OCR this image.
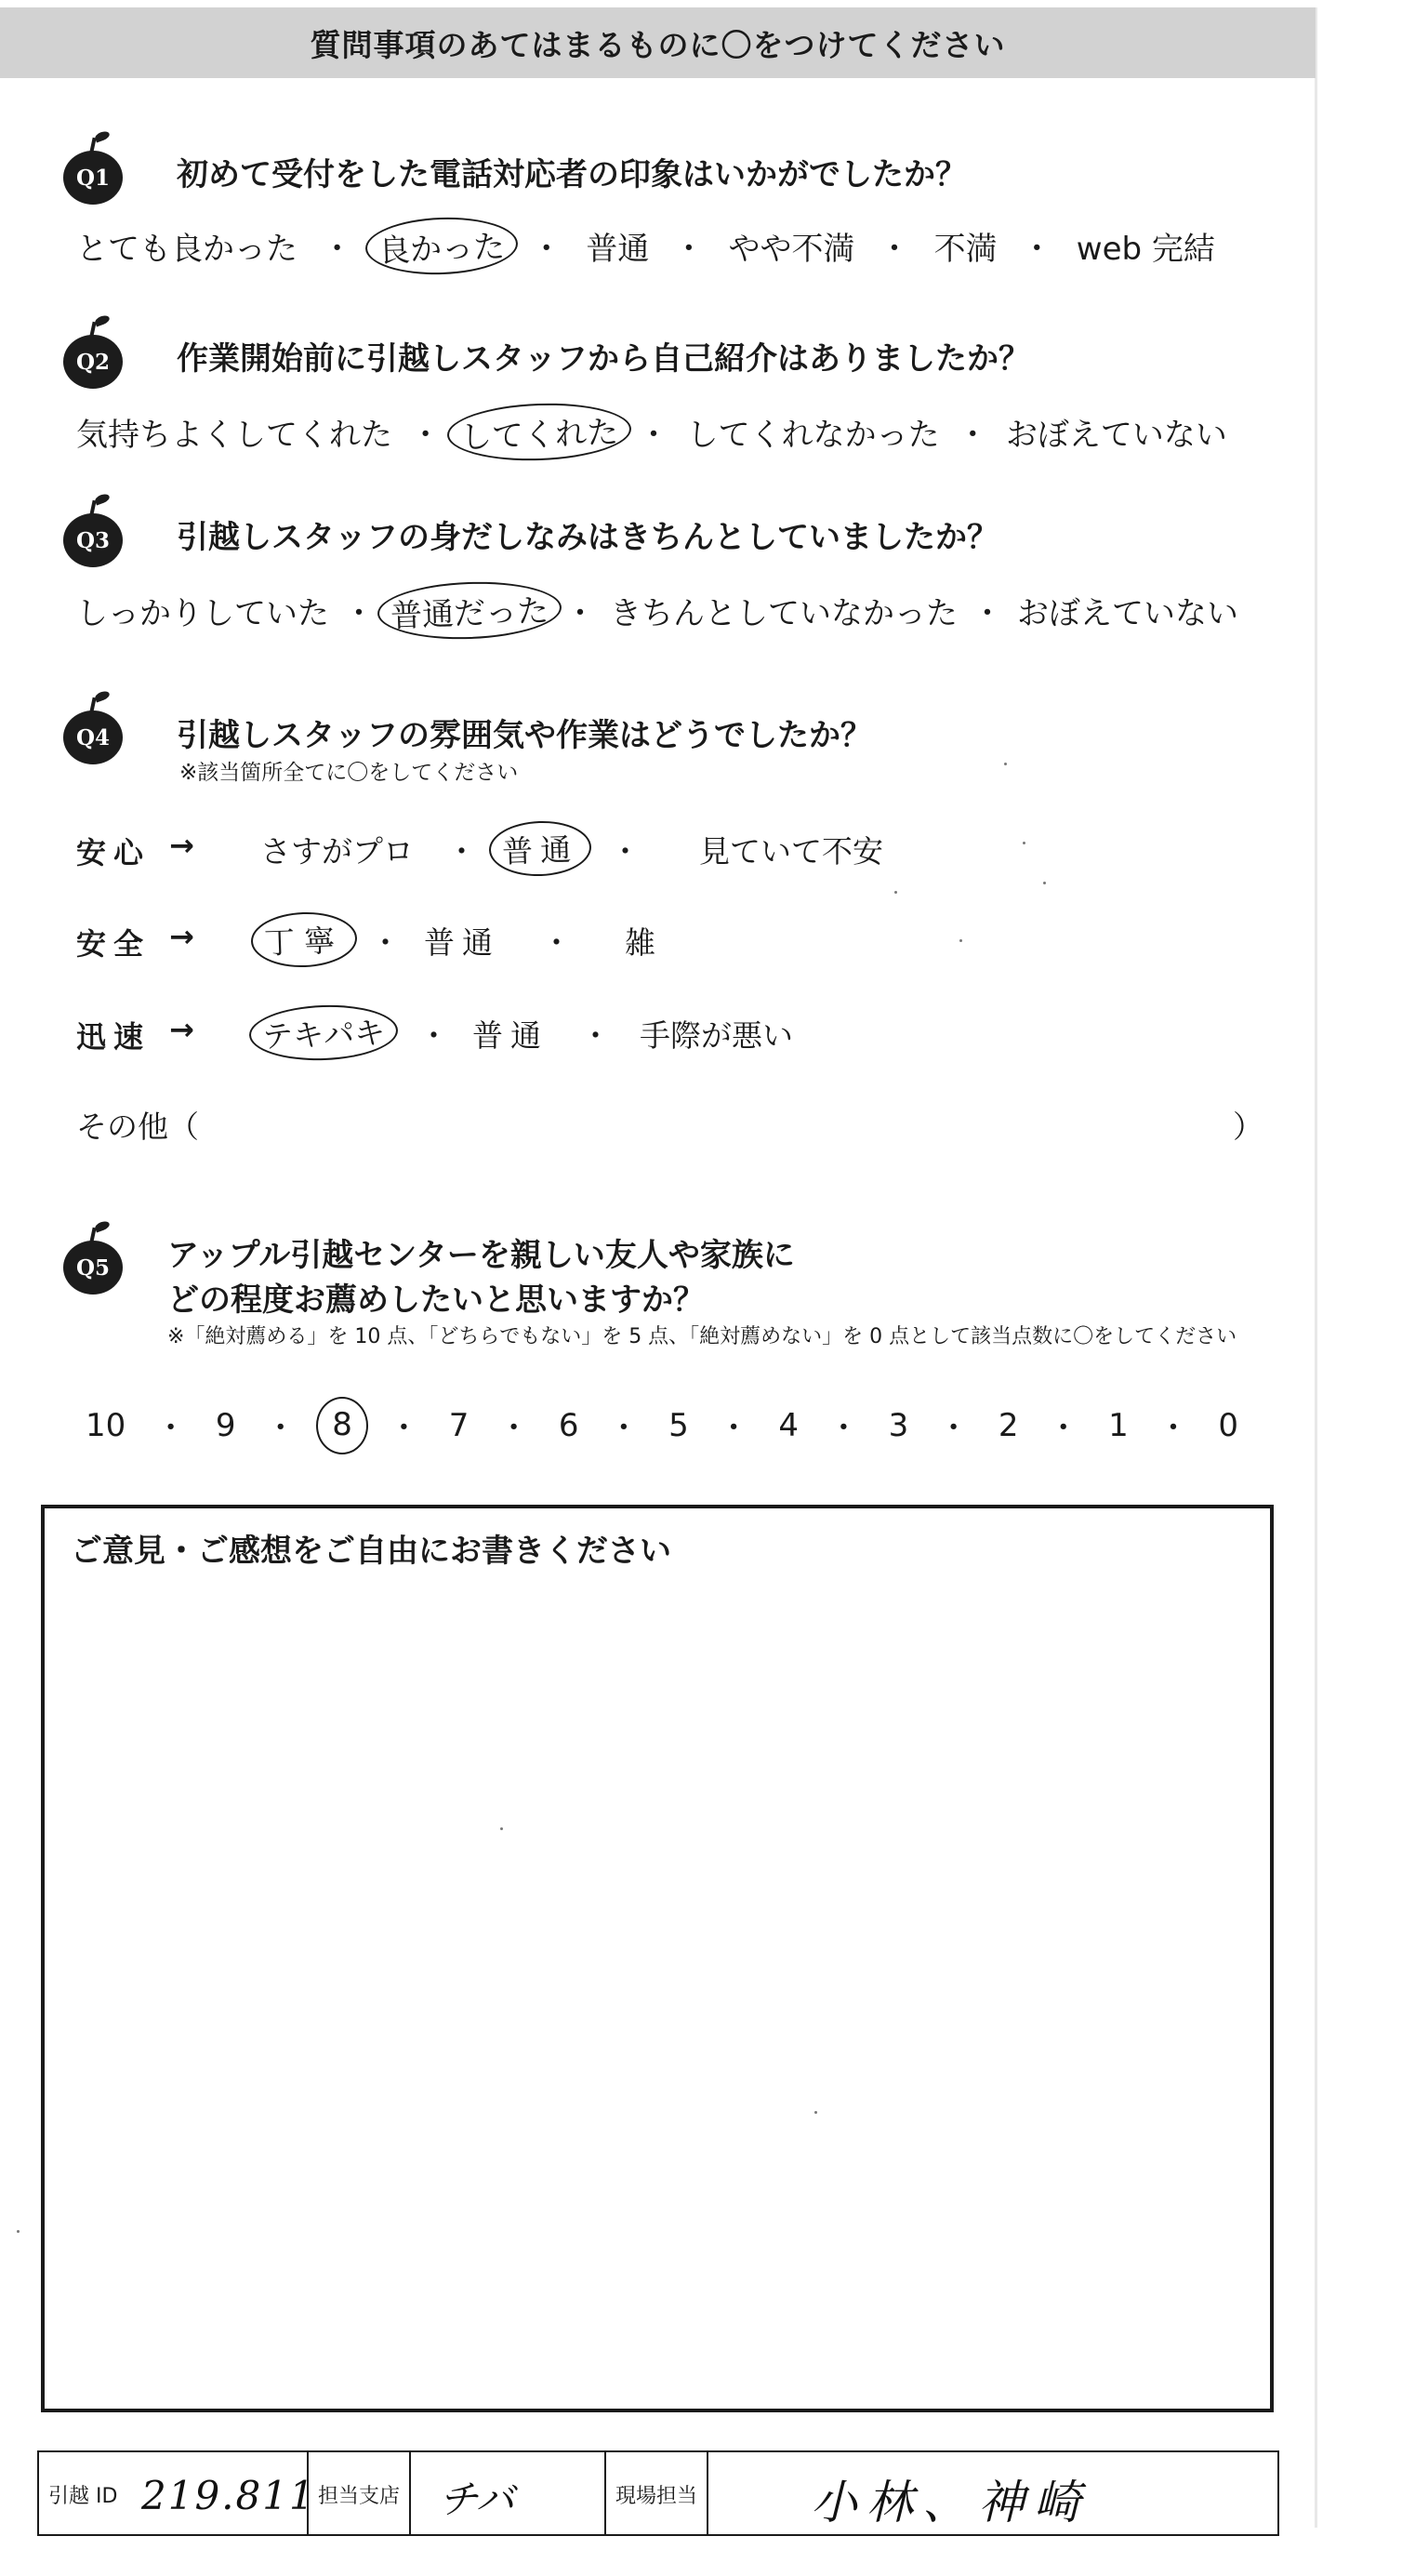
質問事項のあてはまるものに〇をつけてください
Q1 初めて受付をした電話対応者の印象はいかがでしたか？
とても良かった ・ 良かった ・ 普通 ・ やや不満 ・ 不満 ・ web 完結
Q2 作業開始前に引越しスタッフから自己紹介はありましたか？
気持ちよくしてくれた ・ してくれた ・ してくれなかった ・ おぼえていない
Q3 引越しスタッフの身だしなみはきちんとしていましたか？
しっかりしていた ・ 普通だった ・ きちんとしていなかった ・ おぼえていない
Q4 引越しスタッフの雰囲気や作業はどうでしたか？
※該当箇所全てに〇をしてください
安心 → さすがプロ ・ 普通 ・ 見ていて不安
安全 → 丁寧 ・ 普通 ・ 雑
迅速 → テキパキ ・ 普通 ・ 手際が悪い
その他（	）
Q5 アップル引越センターを親しい友人や家族に
どの程度お薦めしたいと思いますか？
※「絶対薦める」を 10 点、「どちらでもない」を 5 点、「絶対薦めない」を 0 点として該当点数に〇をしてください
10 ・ 9 ・	8	・ 7 ・ 6 ・ 5 ・ 4 ・ 3 ・ 2 ・ 1 ・ 0
ご意見・ご感想をご自由にお書きください
引越 ID 219.811 担当支店 チバ	現場担当 小林、神崎
